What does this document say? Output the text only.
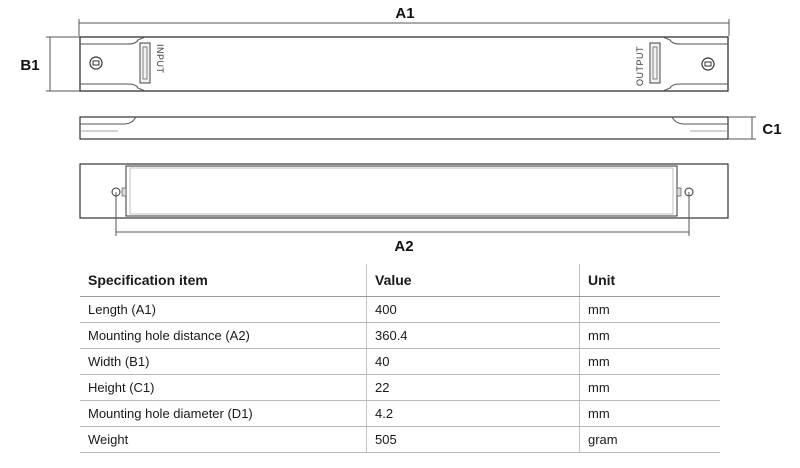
A1
B1	INPUT	OUTPUT
C1
A2
Specification item	Value	Unit
Length (A1)	400	mm
Mounting hole distance (A2)	360.4	mm
Width (B1)	40	mm
Height (C1)	22	mm
Mounting hole diameter (D1)	4.2	mm
Weight	505	gram
